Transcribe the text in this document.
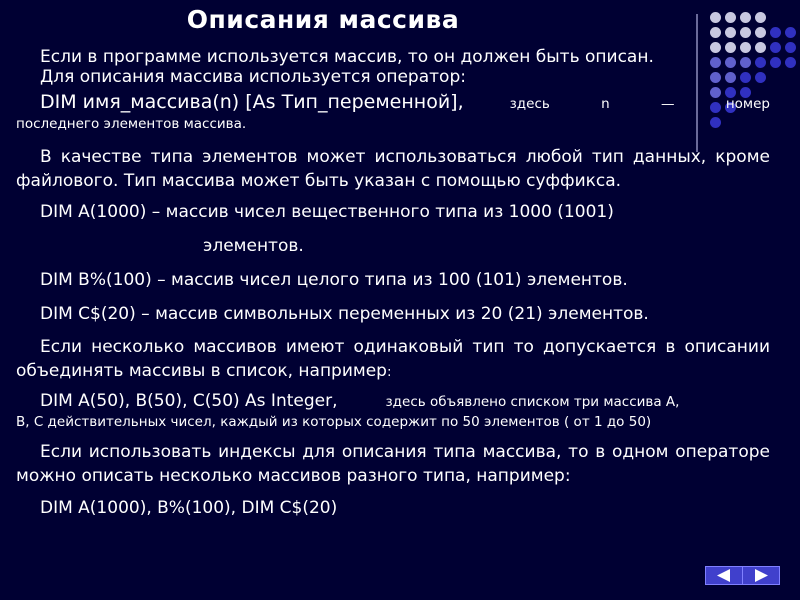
Описания массива
Если в программе используется массив, то он должен быть описан.
Для описания массива используется оператор:
DIM имя_массива(n) [As Тип_переменной],	здесь n — номер
последнего элементов массива.
В качестве типа элементов может использоваться любой тип данных, кроме файлового. Тип массива может быть указан с помощью суффикса.
DIM A(1000) – массив чисел вещественного типа из 1000 (1001)
элементов.
DIM B%(100) – массив чисел целого типа из 100 (101) элементов.
DIM C$(20) – массив символьных переменных из 20 (21) элементов.
Если несколько массивов имеют одинаковый тип то допускается в описании объединять массивы в список, например:
DIM A(50), B(50), C(50) As Integer,	здесь объявлено списком три массива A,
B, C действительных чисел, каждый из которых содержит по 50 элементов ( от 1 до 50)
Если использовать индексы для описания типа массива, то в одном операторе можно описать несколько массивов разного типа, например:
DIM A(1000), B%(100), DIM C$(20)
